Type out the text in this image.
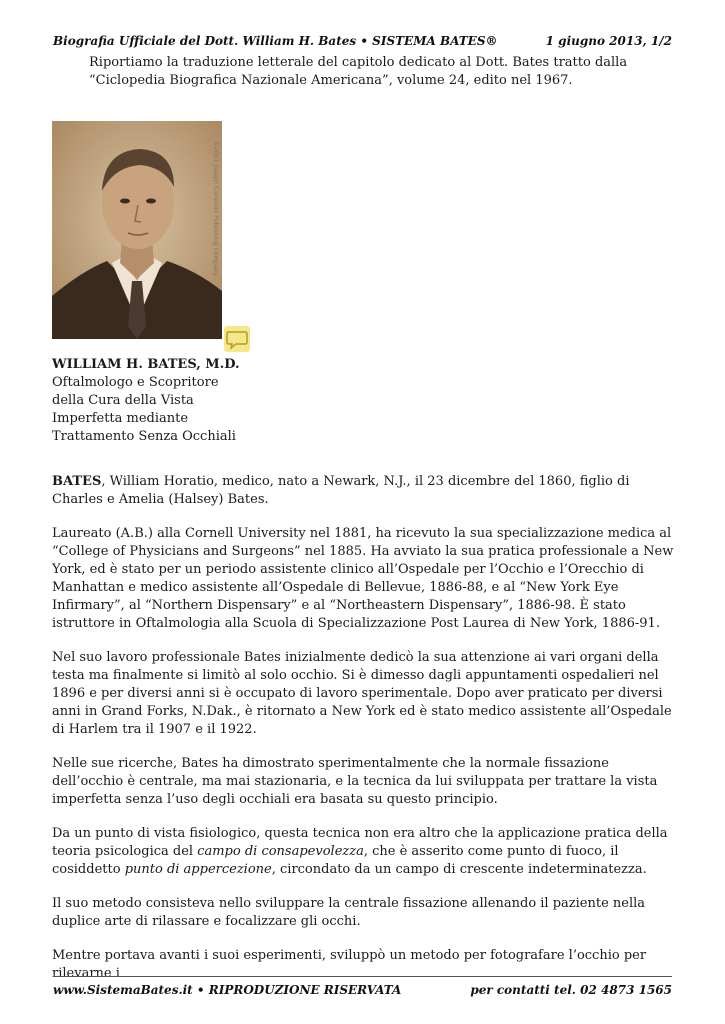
Biografia Ufficiale del Dott. William H. Bates • SISTEMA BATES®	1 giugno 2013, 1/2
Riportiamo la traduzione letterale del capitolo dedicato al Dott. Bates tratto dalla “Ciclopedia Biografica Nazionale Americana”, volume 24, edito nel 1967.
©2001 Joseph Consolini Publishing Company
WILLIAM H. BATES, M.D.
Oftalmologo e Scopritore
della Cura della Vista
Imperfetta mediante
Trattamento Senza Occhiali

BATES, William Horatio, medico, nato a Newark, N.J., il 23 dicembre del 1860, figlio di Charles e Amelia (Halsey) Bates.

Laureato (A.B.) alla Cornell University nel 1881, ha ricevuto la sua specializzazione medica al “College of Physicians and Surgeons” nel 1885. Ha avviato la sua pratica professionale a New York, ed è stato per un periodo assistente clinico all’Ospedale per l’Occhio e l’Orecchio di Manhattan e medico assistente all’Ospedale di Bellevue, 1886-88, e al “New York Eye Infirmary”, al “Northern Dispensary” e al “Northeastern Dispensary”, 1886-98. È stato istruttore in Oftalmologia alla Scuola di Specializzazione Post Laurea di New York, 1886-91.

Nel suo lavoro professionale Bates inizialmente dedicò la sua attenzione ai vari organi della testa ma finalmente si limitò al solo occhio. Si è dimesso dagli appuntamenti ospedalieri nel 1896 e per diversi anni si è occupato di lavoro sperimentale. Dopo aver praticato per diversi anni in Grand Forks, N.Dak., è ritornato a New York ed è stato medico assistente all’Ospedale di Harlem tra il 1907 e il 1922.

Nelle sue ricerche, Bates ha dimostrato sperimentalmente che la normale fissazione dell’occhio è centrale, ma mai stazionaria, e la tecnica da lui sviluppata per trattare la vista imperfetta senza l’uso degli occhiali era basata su questo principio.

Da un punto di vista fisiologico, questa tecnica non era altro che la applicazione pratica della teoria psicologica del campo di consapevolezza, che è asserito come punto di fuoco, il cosiddetto punto di appercezione, circondato da un campo di crescente indeterminatezza.

Il suo metodo consisteva nello sviluppare la centrale fissazione allenando il paziente nella duplice arte di rilassare e focalizzare gli occhi.

Mentre portava avanti i suoi esperimenti, sviluppò un metodo per fotografare l’occhio per rilevarne i

www.SistemaBates.it • RIPRODUZIONE RISERVATA	per contatti tel. 02 4873 1565
